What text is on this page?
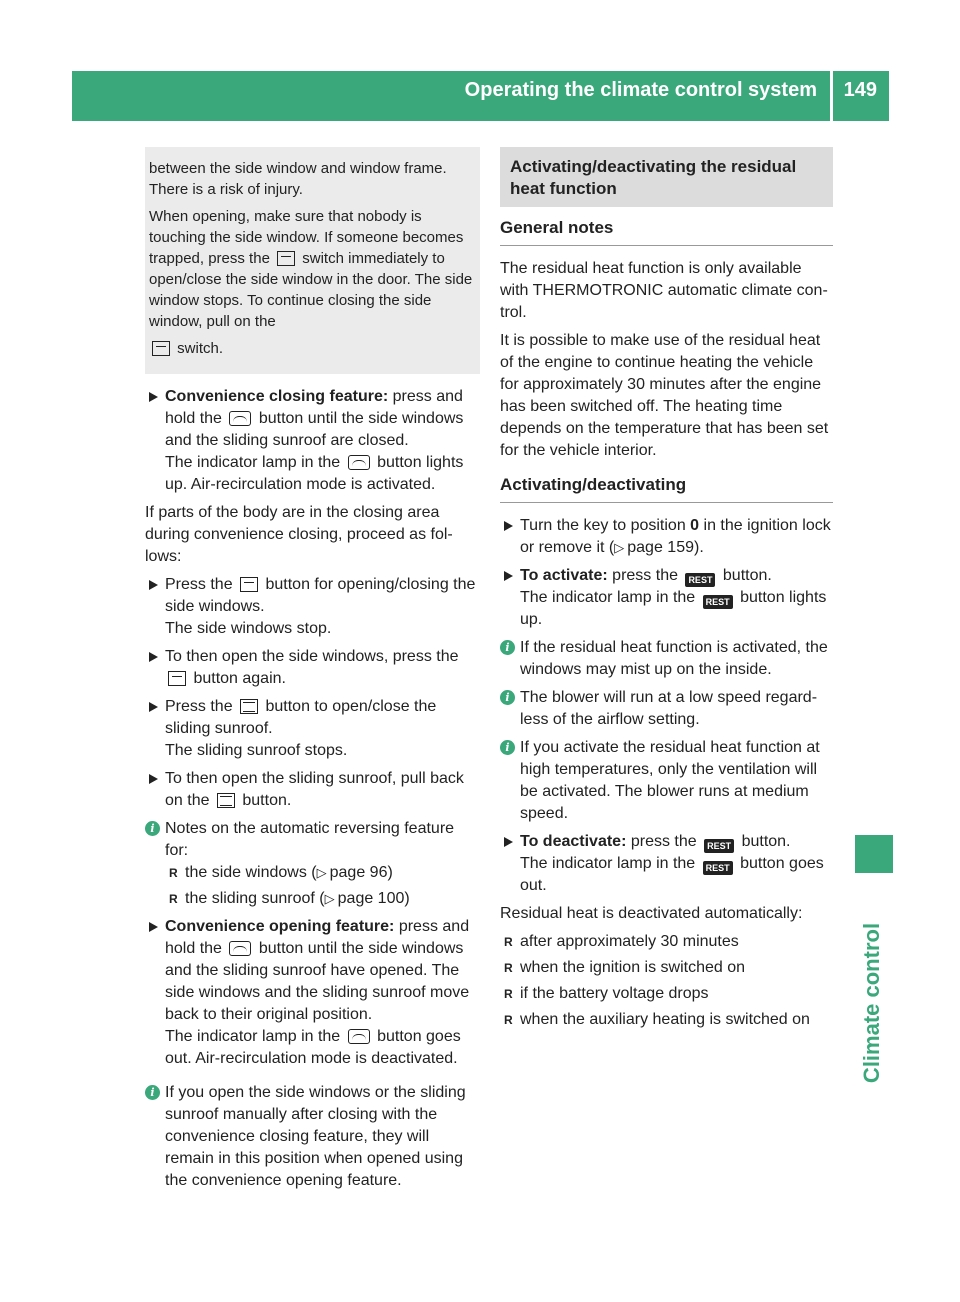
Operating the climate control system 149
Climate control

between the side window and window frame. There is a risk of injury.

When opening, make sure that nobody is touching the side window. If someone becomes trapped, press the switch immediately to open/close the side window in the door. The side window stops. To continue closing the side window, pull on the

switch.

Convenience closing feature: press and hold the  button until the side windows and the sliding sunroof are closed.
The indicator lamp in the  button lights up. Air-recirculation mode is activated.

If parts of the body are in the closing area during convenience closing, proceed as follows:

Press the  button for opening/closing the side windows.
The side windows stop.
To then open the side windows, press the
button again.
Press the  button to open/close the sliding sunroof.
The sliding sunroof stops.
To then open the sliding sunroof, pull back on the  button.
i Notes on the automatic reversing feature for:
R the side windows (▷ page 96)
R the sliding sunroof (▷ page 100)
Convenience opening feature: press and hold the  button until the side windows and the sliding sunroof have opened. The side windows and the sliding sunroof move back to their original position.
The indicator lamp in the  button goes out. Air-recirculation mode is deactivated.
i If you open the side windows or the sliding sunroof manually after closing with the convenience closing feature, they will remain in this position when opened using the convenience opening feature.
Activating/deactivating the residual heat function
General notes

The residual heat function is only available with THERMOTRONIC automatic climate control.

It is possible to make use of the residual heat of the engine to continue heating the vehicle for approximately 30 minutes after the engine has been switched off. The heating time depends on the temperature that has been set for the vehicle interior.

Activating/deactivating
Turn the key to position 0 in the ignition lock or remove it (▷ page 159).
To activate: press the REST button.
The indicator lamp in the REST button lights up.
i If the residual heat function is activated, the windows may mist up on the inside.
i The blower will run at a low speed regardless of the airflow setting.
i If you activate the residual heat function at high temperatures, only the ventilation will be activated. The blower runs at medium speed.
To deactivate: press the REST button.
The indicator lamp in the REST button goes out.

Residual heat is deactivated automatically:

R after approximately 30 minutes
R when the ignition is switched on
R if the battery voltage drops
R when the auxiliary heating is switched on
